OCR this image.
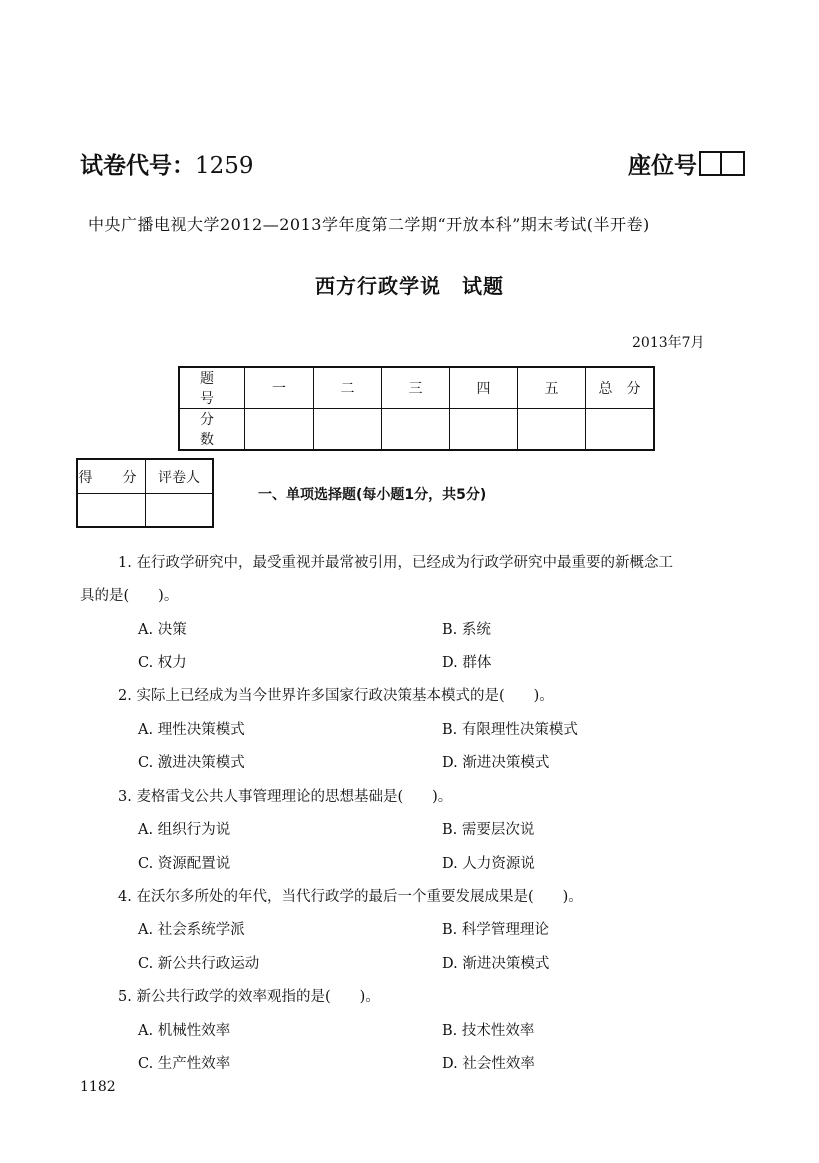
试卷代号：1259	座位号
中央广播电视大学2012—2013学年度第二学期“开放本科”期末考试(半开卷)
西方行政学说　试题
2013年7月
题　号	一	二	三	四	五	总　分
分　数						
得　分	评卷人

一、单项选择题(每小题1分，共5分)
1. 在行政学研究中，最受重视并最常被引用，已经成为行政学研究中最重要的新概念工
具的是(　　)。
A. 决策	B. 系统
C. 权力	D. 群体
2. 实际上已经成为当今世界许多国家行政决策基本模式的是(　　)。
A. 理性决策模式	B. 有限理性决策模式
C. 激进决策模式	D. 渐进决策模式
3. 麦格雷戈公共人事管理理论的思想基础是(　　)。
A. 组织行为说	B. 需要层次说
C. 资源配置说	D. 人力资源说
4. 在沃尔多所处的年代，当代行政学的最后一个重要发展成果是(　　)。
A. 社会系统学派	B. 科学管理理论
C. 新公共行政运动	D. 渐进决策模式
5. 新公共行政学的效率观指的是(　　)。
A. 机械性效率	B. 技术性效率
C. 生产性效率	D. 社会性效率
1182
